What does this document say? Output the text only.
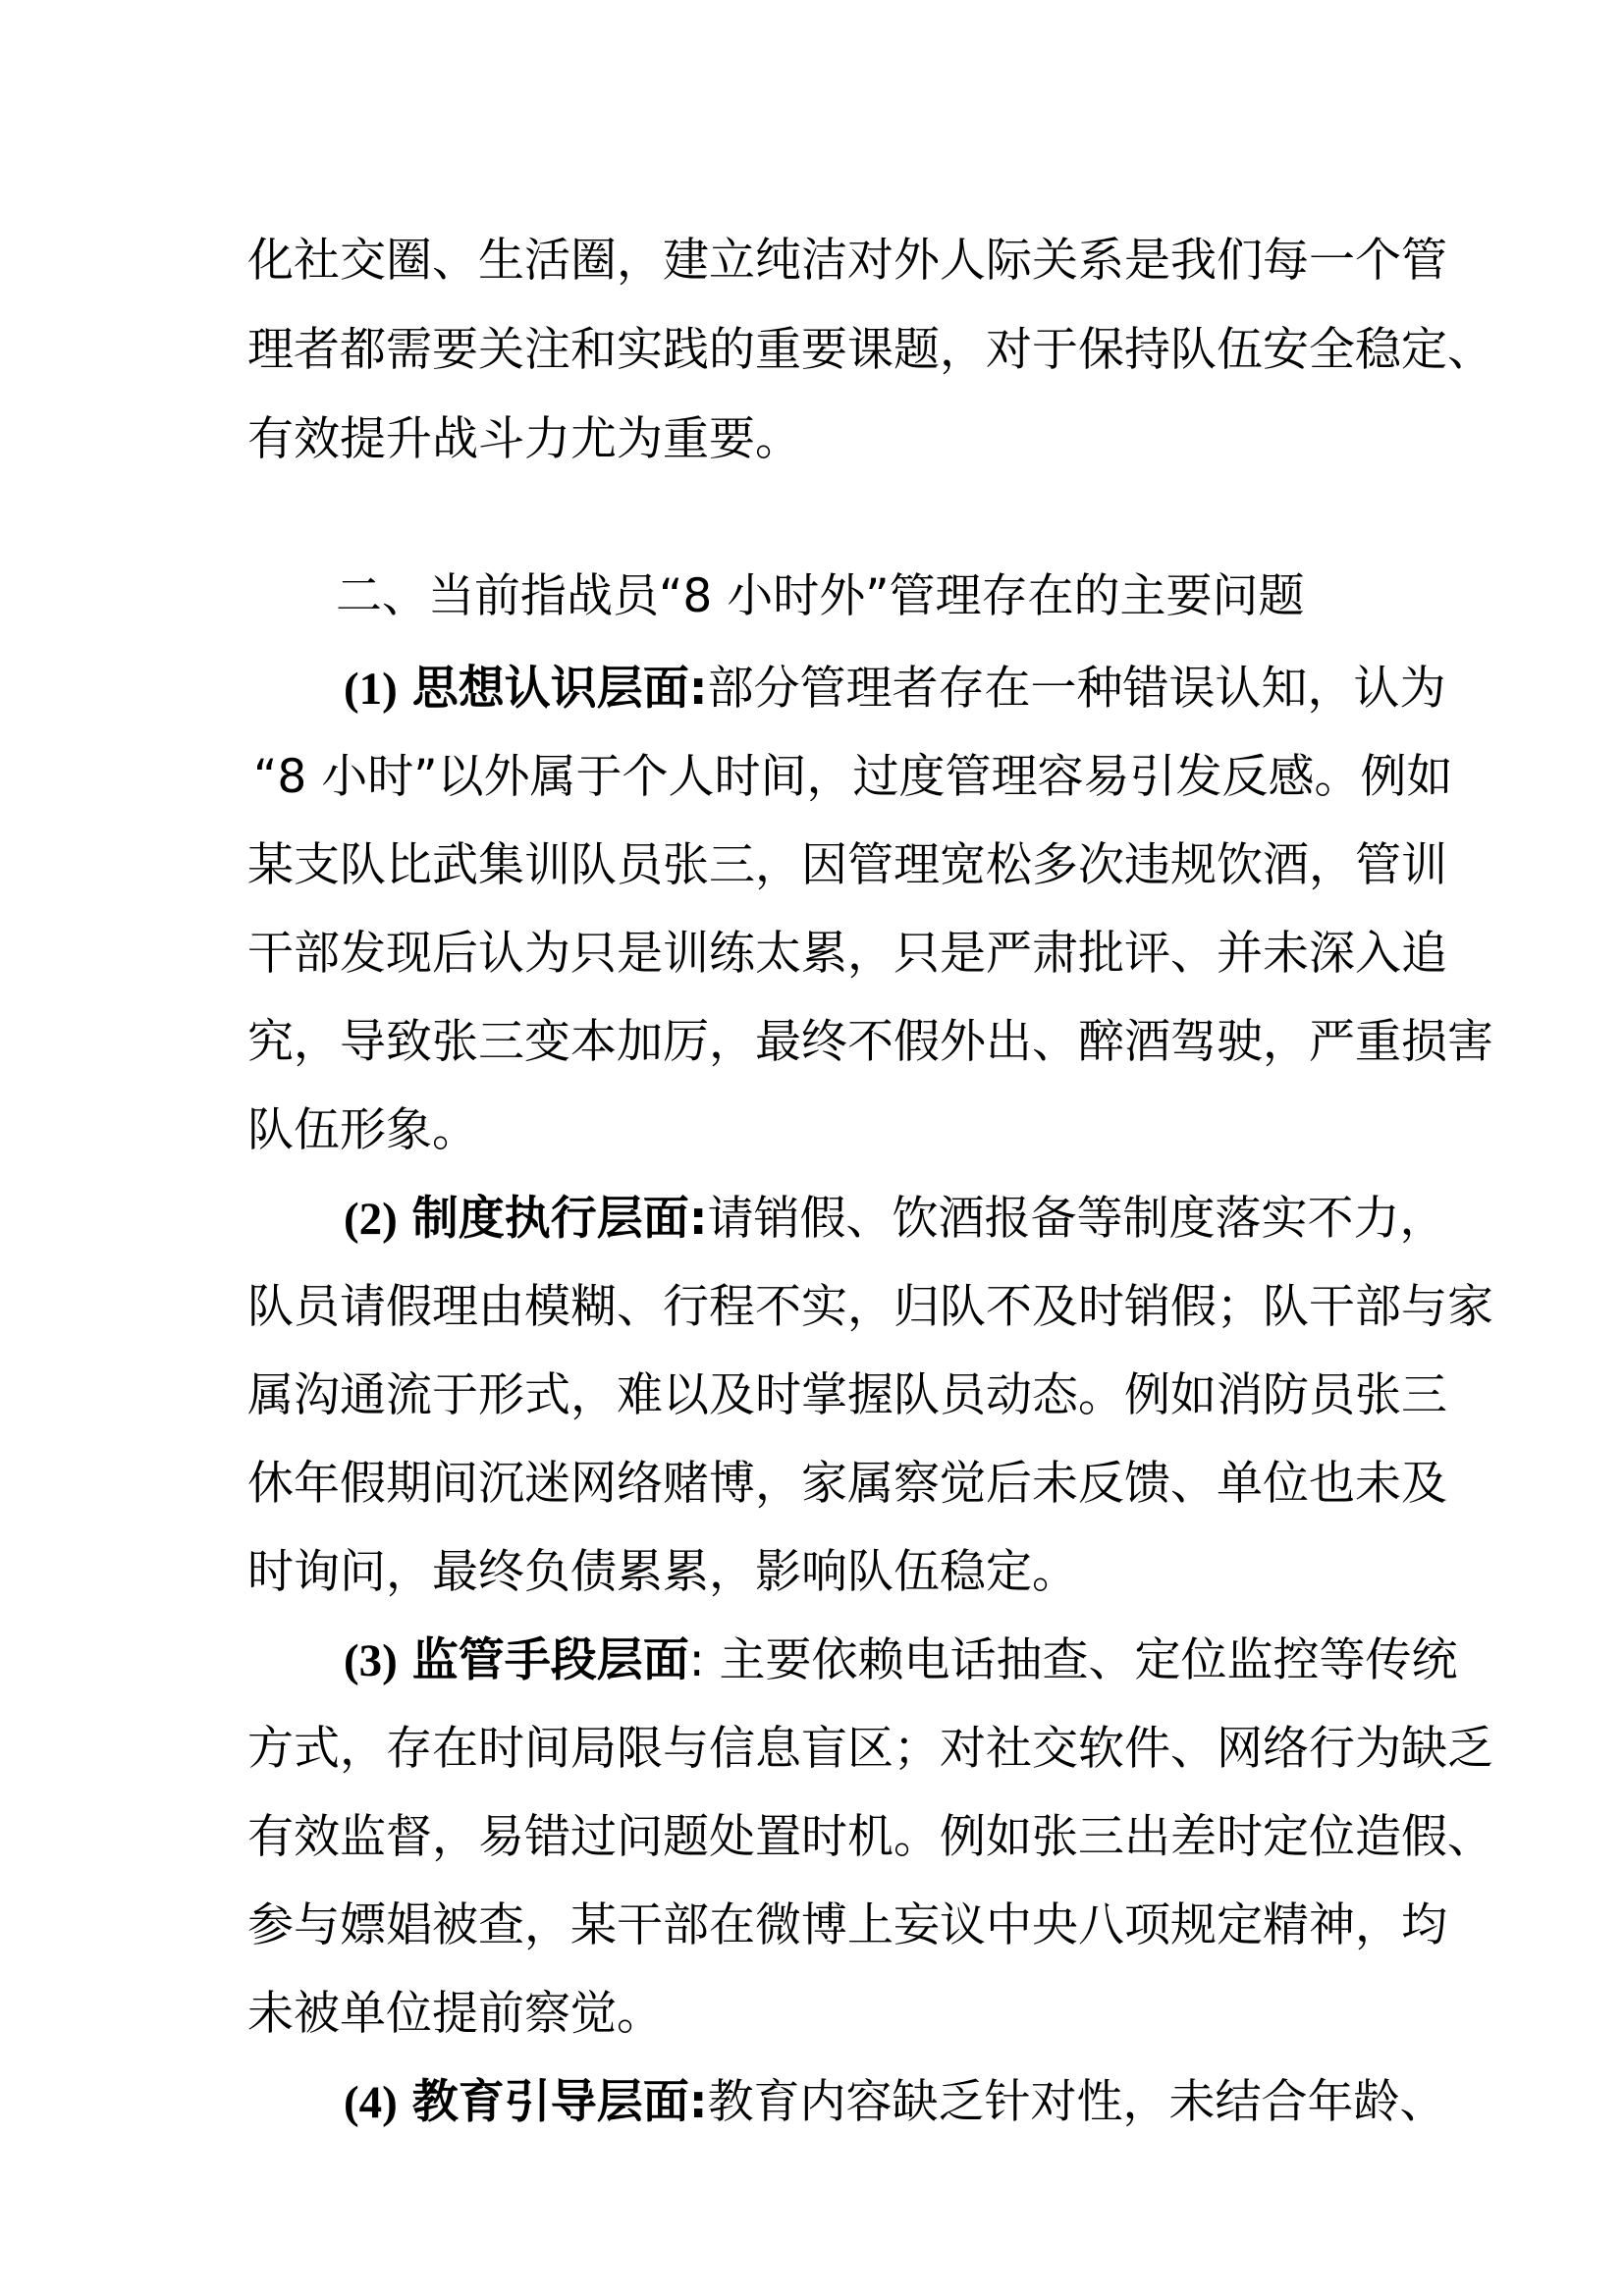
化社交圈、生活圈，建立纯洁对外人际关系是我们每一个管
理者都需要关注和实践的重要课题，对于保持队伍安全稳定、
有效提升战斗力尤为重要。
二、当前指战员“8 小时外”管理存在的主要问题
(1) 思想认识层面:部分管理者存在一种错误认知，认为
“8 小时”以外属于个人时间，过度管理容易引发反感。例如
某支队比武集训队员张三，因管理宽松多次违规饮酒，管训
干部发现后认为只是训练太累，只是严肃批评、并未深入追
究，导致张三变本加厉，最终不假外出、醉酒驾驶，严重损害
队伍形象。
(2) 制度执行层面:请销假、饮酒报备等制度落实不力，
队员请假理由模糊、行程不实，归队不及时销假；队干部与家
属沟通流于形式，难以及时掌握队员动态。例如消防员张三
休年假期间沉迷网络赌博，家属察觉后未反馈、单位也未及
时询问，最终负债累累，影响队伍稳定。
(3) 监管手段层面: 主要依赖电话抽查、定位监控等传统
方式，存在时间局限与信息盲区；对社交软件、网络行为缺乏
有效监督，易错过问题处置时机。例如张三出差时定位造假、
参与嫖娼被查，某干部在微博上妄议中央八项规定精神，均
未被单位提前察觉。
(4) 教育引导层面:教育内容缺乏针对性，未结合年龄、
